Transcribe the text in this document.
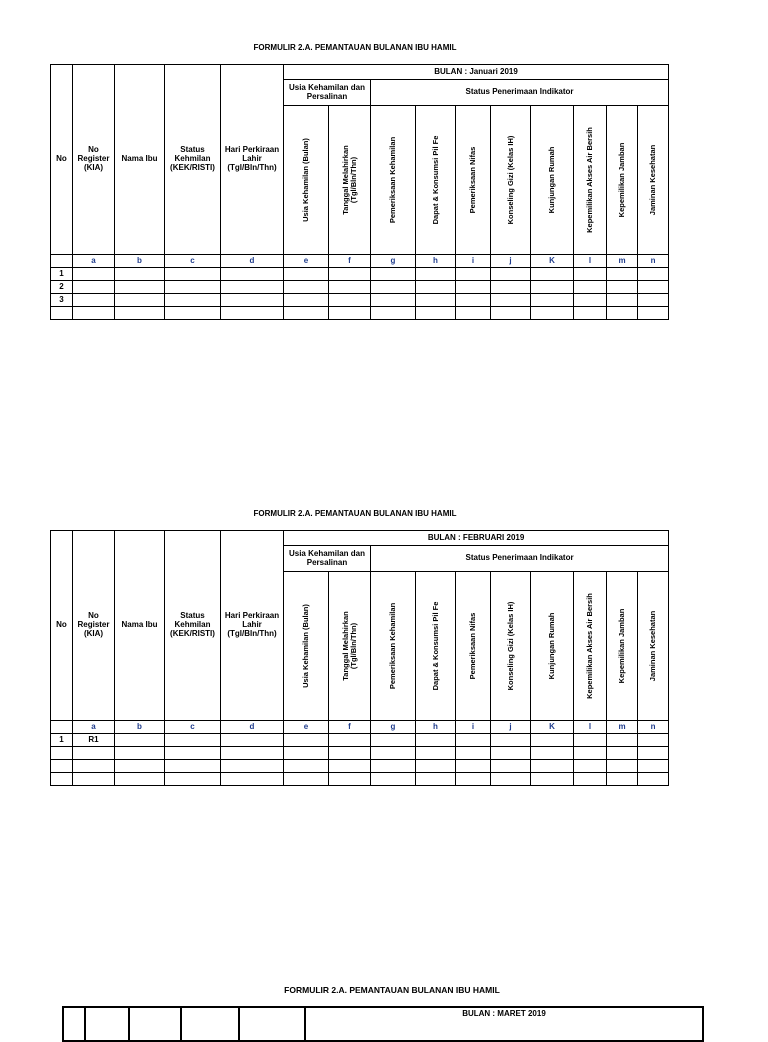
FORMULIR 2.A. PEMANTAUAN BULANAN IBU HAMIL
No	No Register (KIA)	Nama Ibu	Status Kehmilan (KEK/RISTI)	Hari Perkiraan Lahir (Tgl/Bln/Thn)	BULAN : Januari 2019									
					Usia Kehamilan dan Persalinan		Status Penerimaan Indikator							

					Usia Kehamilan (Bulan)	Tanggal Melahirkan (Tgl/Bln/Thn)	Pemeriksaan Kehamilan	Dapat & Konsumsi Pil Fe	Pemeriksaan Nifas	Konseling Gizi (Kelas IH)	Kunjungan Rumah	Kepemilikan Akses Air Bersih	Kepemilikan Jamban	Jaminan Kesehatan

	a	b	c	d	e	f	g	h	i	j	K	l	m	n
1														
2														
3														

FORMULIR 2.A. PEMANTAUAN BULANAN IBU HAMIL
No	No Register (KIA)	Nama Ibu	Status Kehmilan (KEK/RISTI)	Hari Perkiraan Lahir (Tgl/Bln/Thn)	BULAN : FEBRUARI 2019									
					Usia Kehamilan dan Persalinan		Status Penerimaan Indikator							

					Usia Kehamilan (Bulan)	Tanggal Melahirkan (Tgl/Bln/Thn)	Pemeriksaan Kehamilan	Dapat & Konsumsi Pil Fe	Pemeriksaan Nifas	Konseling Gizi (Kelas IH)	Kunjungan Rumah	Kepemilikan Akses Air Bersih	Kepemilikan Jamban	Jaminan Kesehatan

	a	b	c	d	e	f	g	h	i	j	K	l	m	n
1	R1													

FORMULIR 2.A. PEMANTAUAN BULANAN IBU HAMIL
					BULAN : MARET 2019
